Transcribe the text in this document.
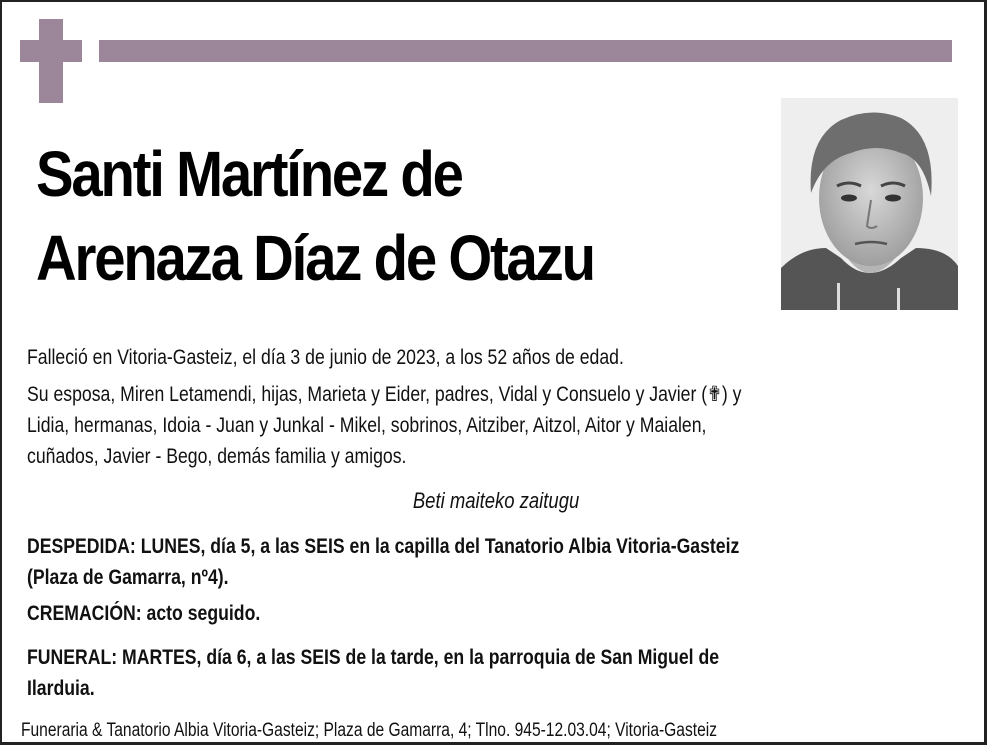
Santi Martínez de
Arenaza Díaz de Otazu
Falleció en Vitoria-Gasteiz, el día 3 de junio de 2023, a los 52 años de edad.
Su esposa, Miren Letamendi, hijas, Marieta y Eider, padres, Vidal y Consuelo y Javier (✟) y
Lidia, hermanas, Idoia - Juan y Junkal - Mikel, sobrinos, Aitziber, Aitzol, Aitor y Maialen,
cuñados, Javier - Bego, demás familia y amigos.
Beti maiteko zaitugu
DESPEDIDA: LUNES, día 5, a las SEIS en la capilla del Tanatorio Albia Vitoria-Gasteiz
(Plaza de Gamarra, nº4).
CREMACIÓN: acto seguido.
FUNERAL: MARTES, día 6, a las SEIS de la tarde, en la parroquia de San Miguel de
Ilarduia.
Funeraria & Tanatorio Albia Vitoria-Gasteiz; Plaza de Gamarra, 4; Tlno. 945-12.03.04; Vitoria-Gasteiz
